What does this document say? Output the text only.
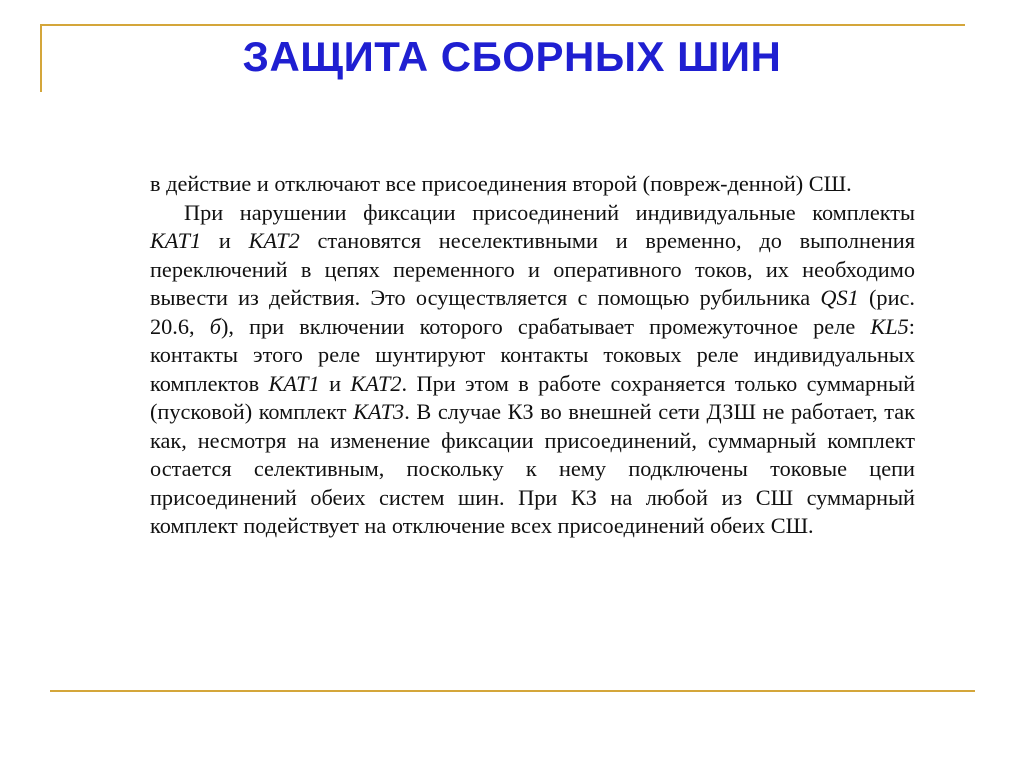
ЗАЩИТА СБОРНЫХ ШИН

в действие и отключают все присоединения второй (повреж-денной) СШ.

При нарушении фиксации присоединений индивидуальные комплекты КАТ1 и КАТ2 становятся неселективными и временно, до выполнения переключений в цепях переменного и оперативного токов, их необходимо вывести из действия. Это осуществляется с помощью рубильника QS1 (рис. 20.6, б), при включении которого срабатывает промежуточное реле KL5: контакты этого реле шунтируют контакты токовых реле индивидуальных комплектов КАТ1 и КАТ2. При этом в работе сохраняется только суммарный (пусковой) комплект КАТ3. В случае КЗ во внешней сети ДЗШ не работает, так как, несмотря на изменение фиксации присоединений, суммарный комплект остается селективным, поскольку к нему подключены токовые цепи присоединений обеих систем шин. При КЗ на любой из СШ суммарный комплект подействует на отключение всех присоединений обеих СШ.
